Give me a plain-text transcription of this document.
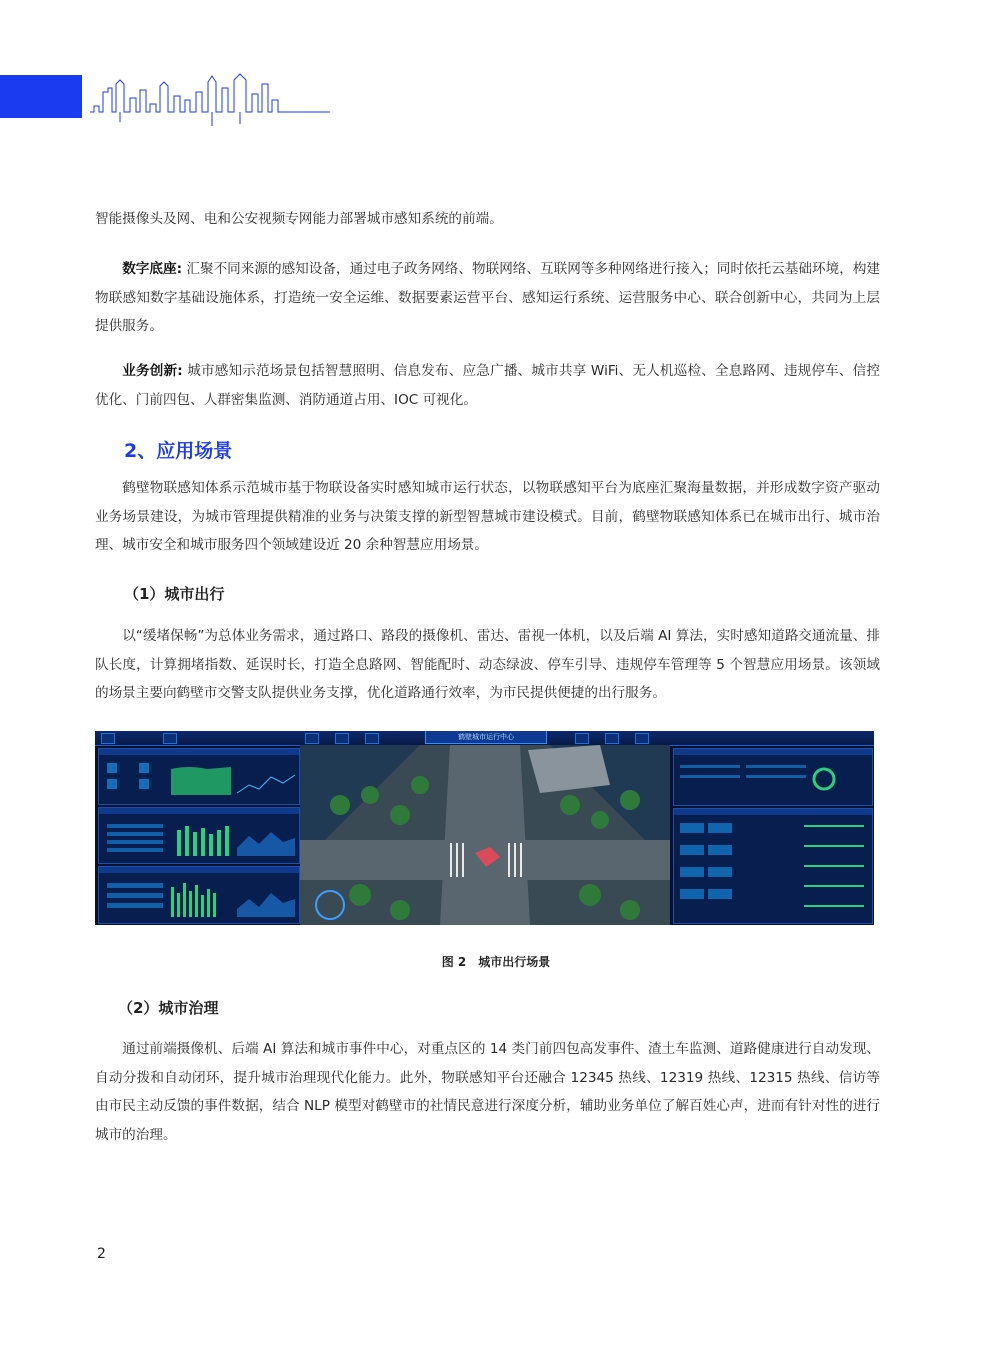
智能摄像头及网、电和公安视频专网能力部署城市感知系统的前端。

数字底座: 汇聚不同来源的感知设备，通过电子政务网络、物联网络、互联网等多种网络进行接入；同时依托云基础环境，构建物联感知数字基础设施体系，打造统一安全运维、数据要素运营平台、感知运行系统、运营服务中心、联合创新中心，共同为上层提供服务。

业务创新: 城市感知示范场景包括智慧照明、信息发布、应急广播、城市共享 WiFi、无人机巡检、全息路网、违规停车、信控优化、门前四包、人群密集监测、消防通道占用、IOC 可视化。

2、应用场景

鹤壁物联感知体系示范城市基于物联设备实时感知城市运行状态，以物联感知平台为底座汇聚海量数据，并形成数字资产驱动业务场景建设，为城市管理提供精准的业务与决策支撑的新型智慧城市建设模式。目前，鹤壁物联感知体系已在城市出行、城市治理、城市安全和城市服务四个领域建设近 20 余种智慧应用场景。

（1）城市出行

以“缓堵保畅”为总体业务需求，通过路口、路段的摄像机、雷达、雷视一体机，以及后端 AI 算法，实时感知道路交通流量、排队长度，计算拥堵指数、延误时长，打造全息路网、智能配时、动态绿波、停车引导、违规停车管理等 5 个智慧应用场景。该领域的场景主要向鹤壁市交警支队提供业务支撑，优化道路通行效率，为市民提供便捷的出行服务。

鹤壁城市运行中心
图 2　城市出行场景
（2）城市治理

通过前端摄像机、后端 AI 算法和城市事件中心，对重点区的 14 类门前四包高发事件、渣土车监测、道路健康进行自动发现、自动分拨和自动闭环，提升城市治理现代化能力。此外，物联感知平台还融合 12345 热线、12319 热线、12315 热线、信访等由市民主动反馈的事件数据，结合 NLP 模型对鹤壁市的社情民意进行深度分析，辅助业务单位了解百姓心声，进而有针对性的进行城市的治理。

2
